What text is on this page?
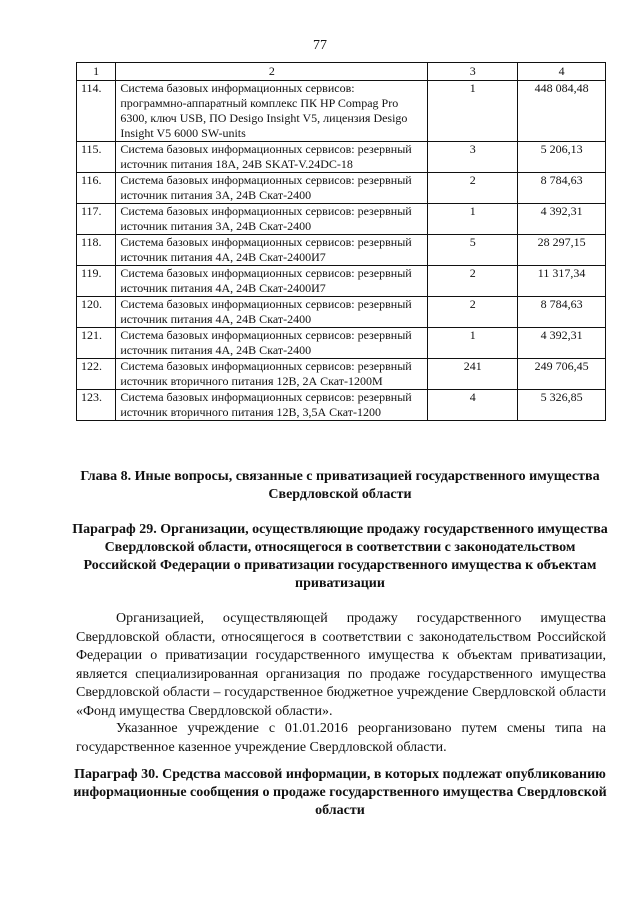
77
1	2	3	4
114.	Система базовых информационных сервисов: программно-аппаратный комплекс ПК HP Compag Pro 6300, ключ USB, ПО Desigo Insight V5, лицензия Desigo Insight V5 6000 SW-units	1	448 084,48
115.	Система базовых информационных сервисов: резервный источник питания 18А, 24В SKAT-V.24DC-18	3	5 206,13
116.	Система базовых информационных сервисов: резервный источник питания 3А, 24В Скат-2400	2	8 784,63
117.	Система базовых информационных сервисов: резервный источник питания 3А, 24В Скат-2400	1	4 392,31
118.	Система базовых информационных сервисов: резервный источник питания 4А, 24В Скат-2400И7	5	28 297,15
119.	Система базовых информационных сервисов: резервный источник питания 4А, 24В Скат-2400И7	2	11 317,34
120.	Система базовых информационных сервисов: резервный источник питания 4А, 24В Скат-2400	2	8 784,63
121.	Система базовых информационных сервисов: резервный источник питания 4А, 24В Скат-2400	1	4 392,31
122.	Система базовых информационных сервисов: резервный источник вторичного питания 12В, 2А Скат-1200М	241	249 706,45
123.	Система базовых информационных сервисов: резервный источник вторичного питания 12В, 3,5А Скат-1200	4	5 326,85
Глава 8. Иные вопросы, связанные с приватизацией государственного имущества Свердловской области
Параграф 29. Организации, осуществляющие продажу государственного имущества Свердловской области, относящегося в соответствии с законодательством Российской Федерации о приватизации государственного имущества к объектам приватизации
Организацией, осуществляющей продажу государственного имущества Свердловской области, относящегося в соответствии с законодательством Российской Федерации о приватизации государственного имущества к объектам приватизации, является специализированная организация по продаже государственного имущества Свердловской области – государственное бюджетное учреждение Свердловской области «Фонд имущества Свердловской области».
Указанное учреждение с 01.01.2016 реорганизовано путем смены типа на государственное казенное учреждение Свердловской области.
Параграф 30. Средства массовой информации, в которых подлежат опубликованию информационные сообщения о продаже государственного имущества Свердловской области
